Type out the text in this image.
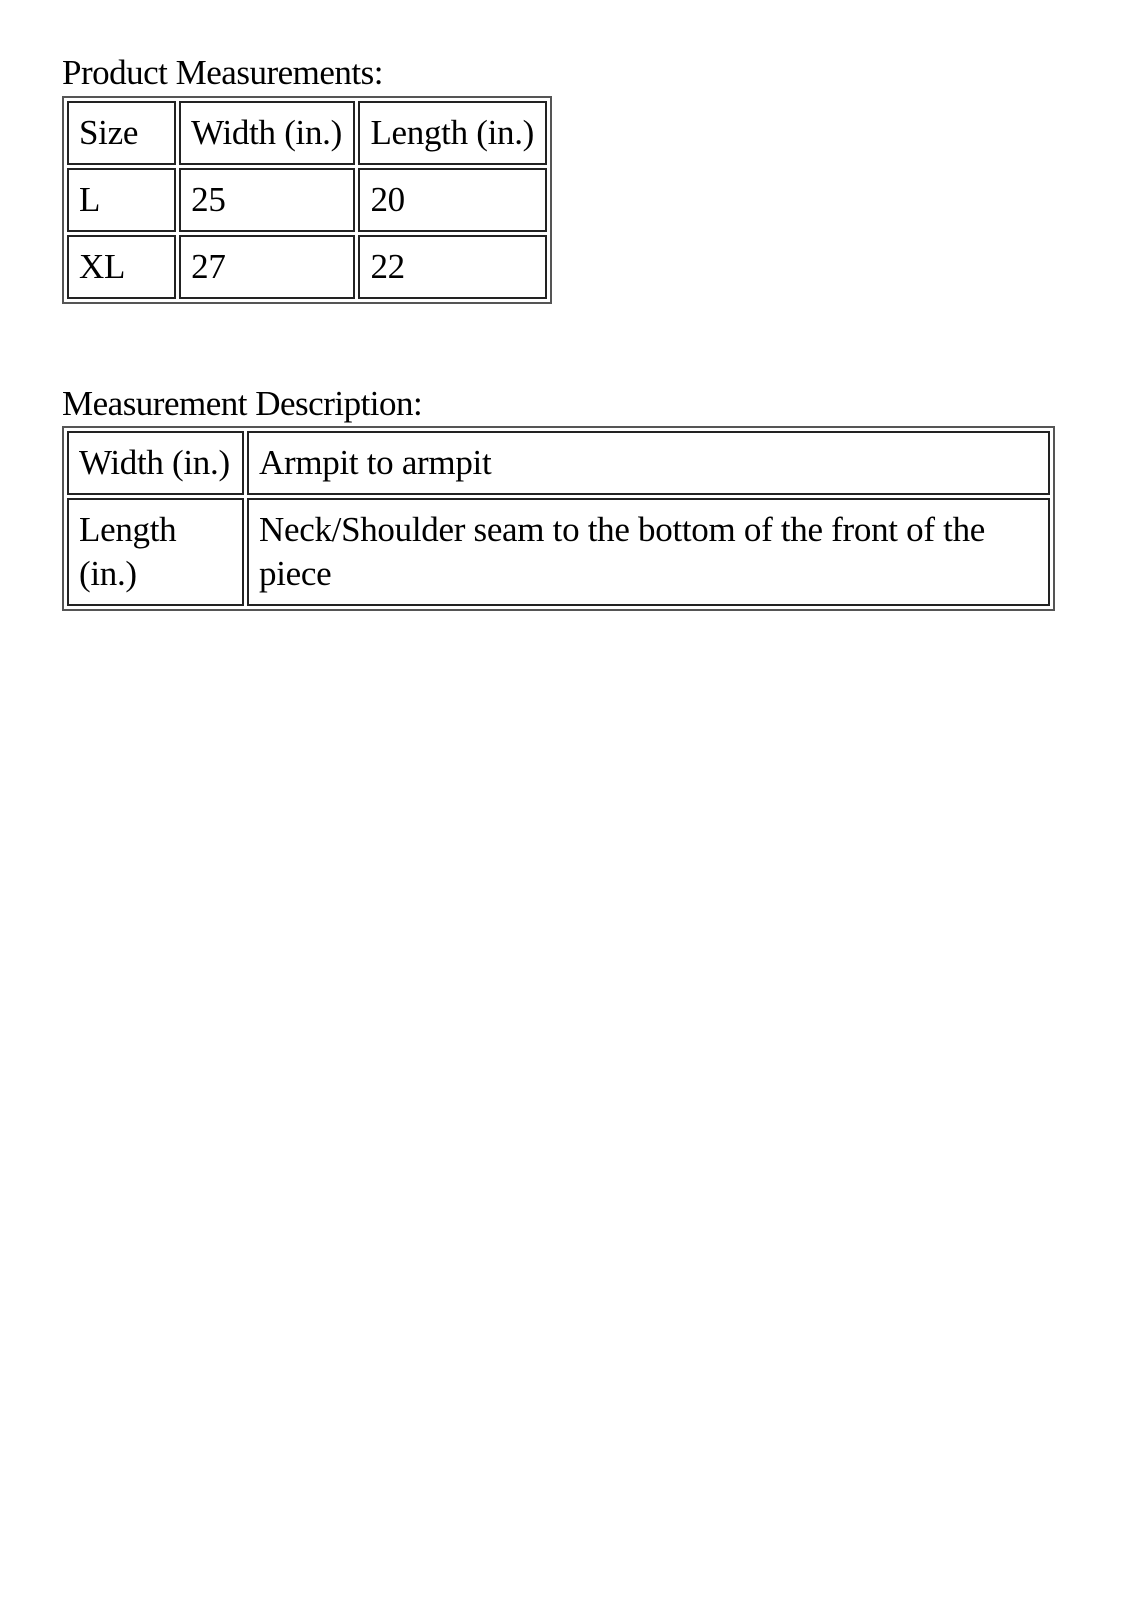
Product Measurements:
Size	Width (in.)	Length (in.)
L	25	20
XL	27	22
Measurement Description:
Width (in.)	Armpit to armpit
Length (in.)	Neck/Shoulder seam to the bottom of the front of the piece
